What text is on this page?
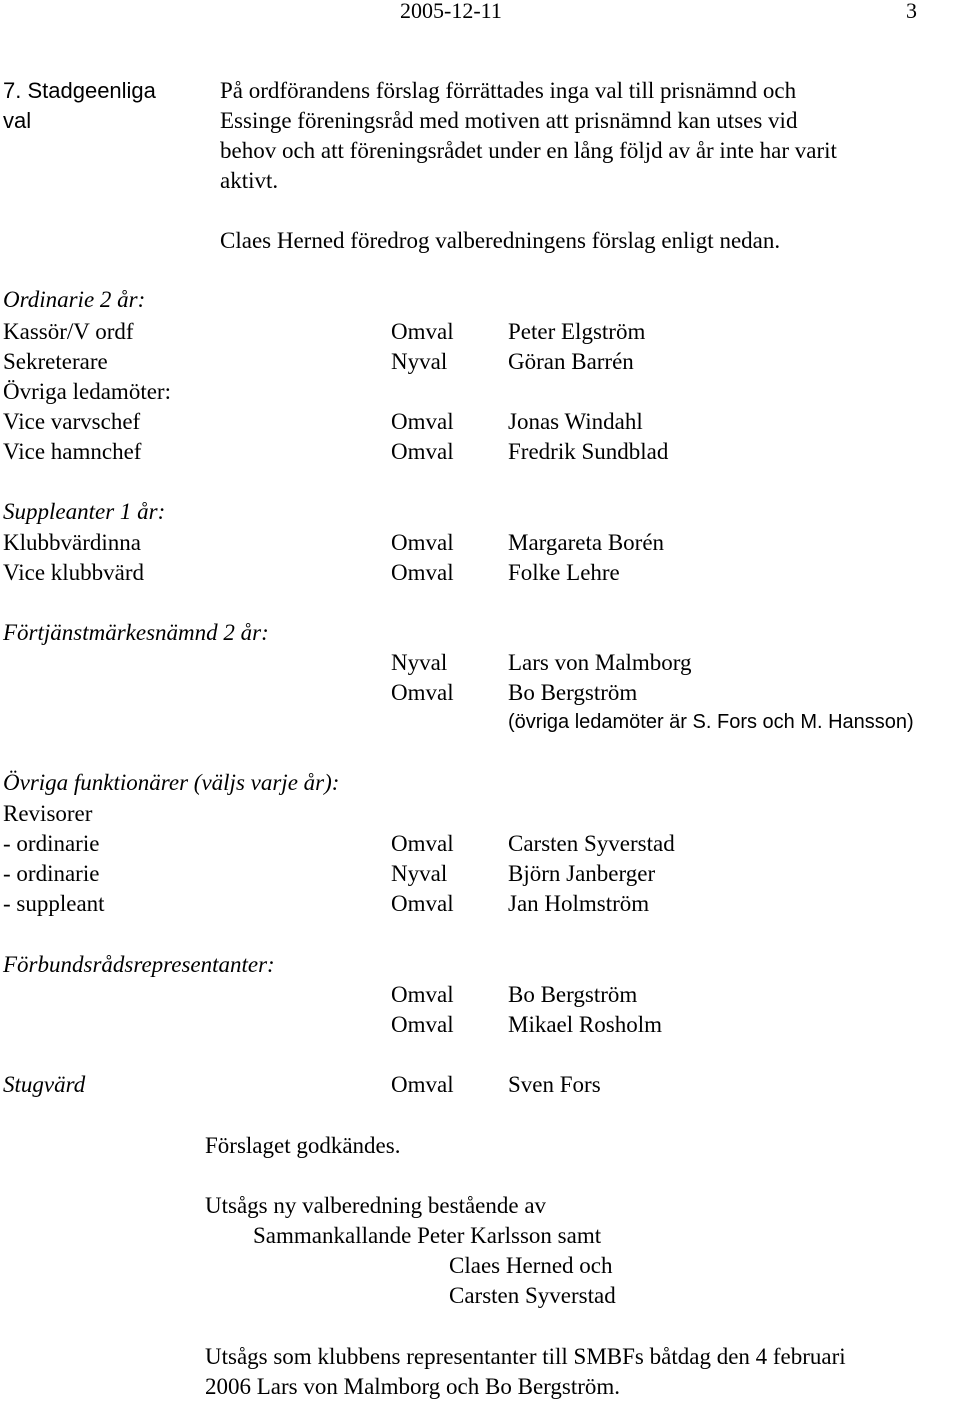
2005-12-11	3
7. Stadgeenliga
val
På ordförandens förslag förrättades inga val till prisnämnd och
Essinge föreningsråd med motiven att prisnämnd kan utses vid
behov och att föreningsrådet under en lång följd av år inte har varit
aktivt.
Claes Herned föredrog valberedningens förslag enligt nedan.
Ordinarie 2 år:
Kassör/V ordf	Omval Peter Elgström
Sekreterare	Nyval	Göran Barrén
Övriga ledamöter:
Vice varvschef	Omval Jonas Windahl
Vice hamnchef	Omval Fredrik Sundblad
Suppleanter 1 år:
Klubbvärdinna	Omval Margareta Borén
Vice klubbvärd	Omval Folke Lehre
Förtjänstmärkesnämnd 2 år:
Nyval	Lars von Malmborg
Omval Bo Bergström
(övriga ledamöter är S. Fors och M. Hansson)
Övriga funktionärer (väljs varje år):
Revisorer
- ordinarie	Omval Carsten Syverstad
- ordinarie	Nyval	Björn Janberger
- suppleant	Omval Jan Holmström
Förbundsrådsrepresentanter:
Omval Bo Bergström
Omval Mikael Rosholm
Stugvärd	Omval Sven Fors
Förslaget godkändes.
Utsågs ny valberedning bestående av
Sammankallande Peter Karlsson samt
Claes Herned och
Carsten Syverstad
Utsågs som klubbens representanter till SMBFs båtdag den 4 februari
2006 Lars von Malmborg och Bo Bergström.
